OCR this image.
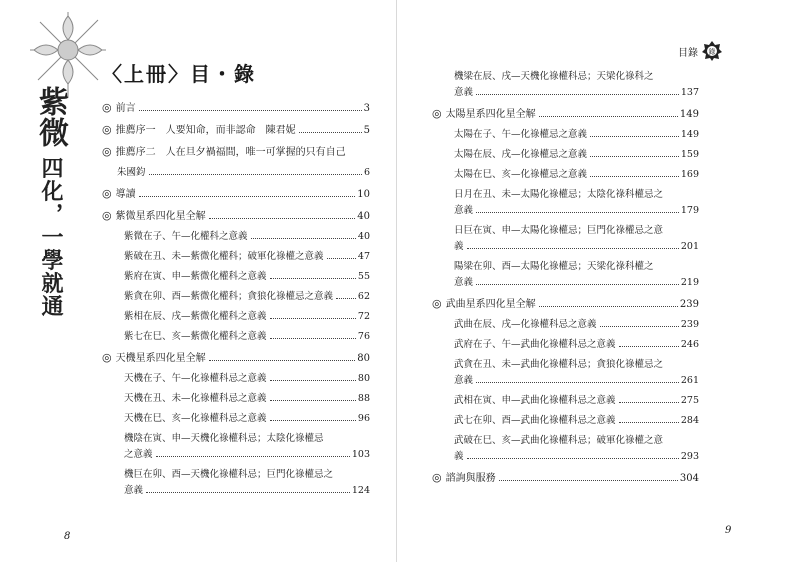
紫微 四化，一學就通
〈上冊〉目・錄
◎ 前言	3
◎ 推薦序一　人要知命，而非認命　陳君妮	5
◎ 推薦序二　人在旦夕禍福間，唯一可掌握的只有自己
朱國鈞	6
◎ 導讀	10
◎ 紫微星系四化星全解	40
紫微在子、午—化權科之意義	40
紫破在丑、未—紫微化權科；破軍化祿權之意義	47
紫府在寅、申—紫微化權科之意義	55
紫貪在卯、酉—紫微化權科；貪狼化祿權忌之意義	62
紫相在辰、戌—紫微化權科之意義	72
紫七在巳、亥—紫微化權科之意義	76
◎ 天機星系四化星全解	80
天機在子、午—化祿權科忌之意義	80
天機在丑、未—化祿權科忌之意義	88
天機在巳、亥—化祿權科忌之意義	96
機陰在寅、申—天機化祿權科忌；太陰化祿權忌
之意義	103
機巨在卯、酉—天機化祿權科忌；巨門化祿權忌之
意義	124
機梁在辰、戌—天機化祿權科忌；天梁化祿科之
意義	137
◎ 太陽星系四化星全解	149
太陽在子、午—化祿權忌之意義	149
太陽在辰、戌—化祿權忌之意義	159
太陽在巳、亥—化祿權忌之意義	169
日月在丑、未—太陽化祿權忌；太陰化祿科權忌之
意義	179
日巨在寅、申—太陽化祿權忌；巨門化祿權忌之意
義	201
陽梁在卯、酉—太陽化祿權忌；天梁化祿科權之
意義	219
◎ 武曲星系四化星全解	239
武曲在辰、戌—化祿權科忌之意義	239
武府在子、午—武曲化祿權科忌之意義	246
武貪在丑、未—武曲化祿權科忌；貪狼化祿權忌之
意義	261
武相在寅、申—武曲化祿權科忌之意義	275
武七在卯、酉—武曲化祿權科忌之意義	284
武破在巳、亥—武曲化祿權科忌；破軍化祿權之意
義	293
◎ 諮詢與服務	304
目錄 錄
8
9
